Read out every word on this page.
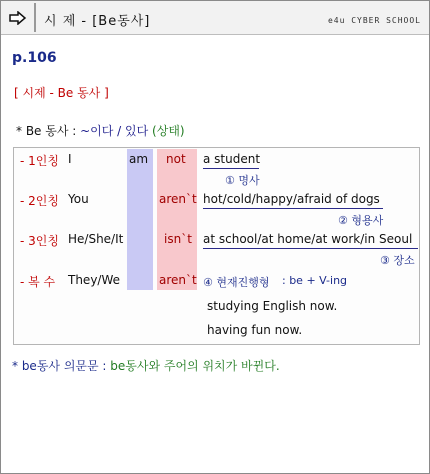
시 제 - [Be동사]	e4u CYBER SCHOOL
p.106
[ 시제 - Be 동사 ]
* Be 동사 : ~이다 / 있다 (상태)
- 1인칭 I	am not a student
① 명사
- 2인칭 You	aren`t hot/cold/happy/afraid of dogs
② 형용사
- 3인칭 He/She/It	isn`t at school/at home/at work/in Seoul
③ 장소
- 복 수 They/We	aren`t ④ 현재진행형 : be + V-ing
studying English now.
having fun now.
* be동사 의문문 : be동사와 주어의 위치가 바뀐다.
